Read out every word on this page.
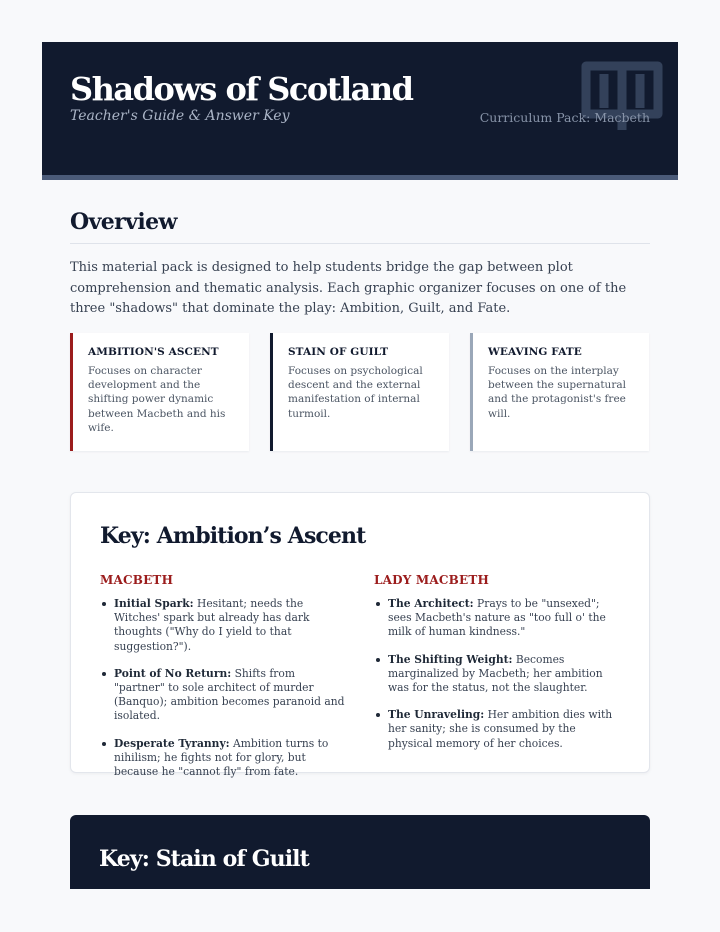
Shadows of Scotland
Teacher's Guide & Answer Key	Curriculum Pack: Macbeth
Overview

This material pack is designed to help students bridge the gap between plot comprehension and thematic analysis. Each graphic organizer focuses on one of the three "shadows" that dominate the play: Ambition, Guilt, and Fate.

AMBITION'S ASCENT
Focuses on character development and the shifting power dynamic between Macbeth and his wife.
STAIN OF GUILT
Focuses on psychological descent and the external manifestation of internal turmoil.
WEAVING FATE
Focuses on the interplay between the supernatural and the protagonist's free will.
Key: Ambition’s Ascent
MACBETH
Initial Spark: Hesitant; needs the Witches' spark but already has dark thoughts ("Why do I yield to that suggestion?").
Point of No Return: Shifts from "partner" to sole architect of murder (Banquo); ambition becomes paranoid and isolated.
Desperate Tyranny: Ambition turns to nihilism; he fights not for glory, but because he "cannot fly" from fate.
LADY MACBETH
The Architect: Prays to be "unsexed"; sees Macbeth's nature as "too full o' the milk of human kindness."
The Shifting Weight: Becomes marginalized by Macbeth; her ambition was for the status, not the slaughter.
The Unraveling: Her ambition dies with her sanity; she is consumed by the physical memory of her choices.
Key: Stain of Guilt
